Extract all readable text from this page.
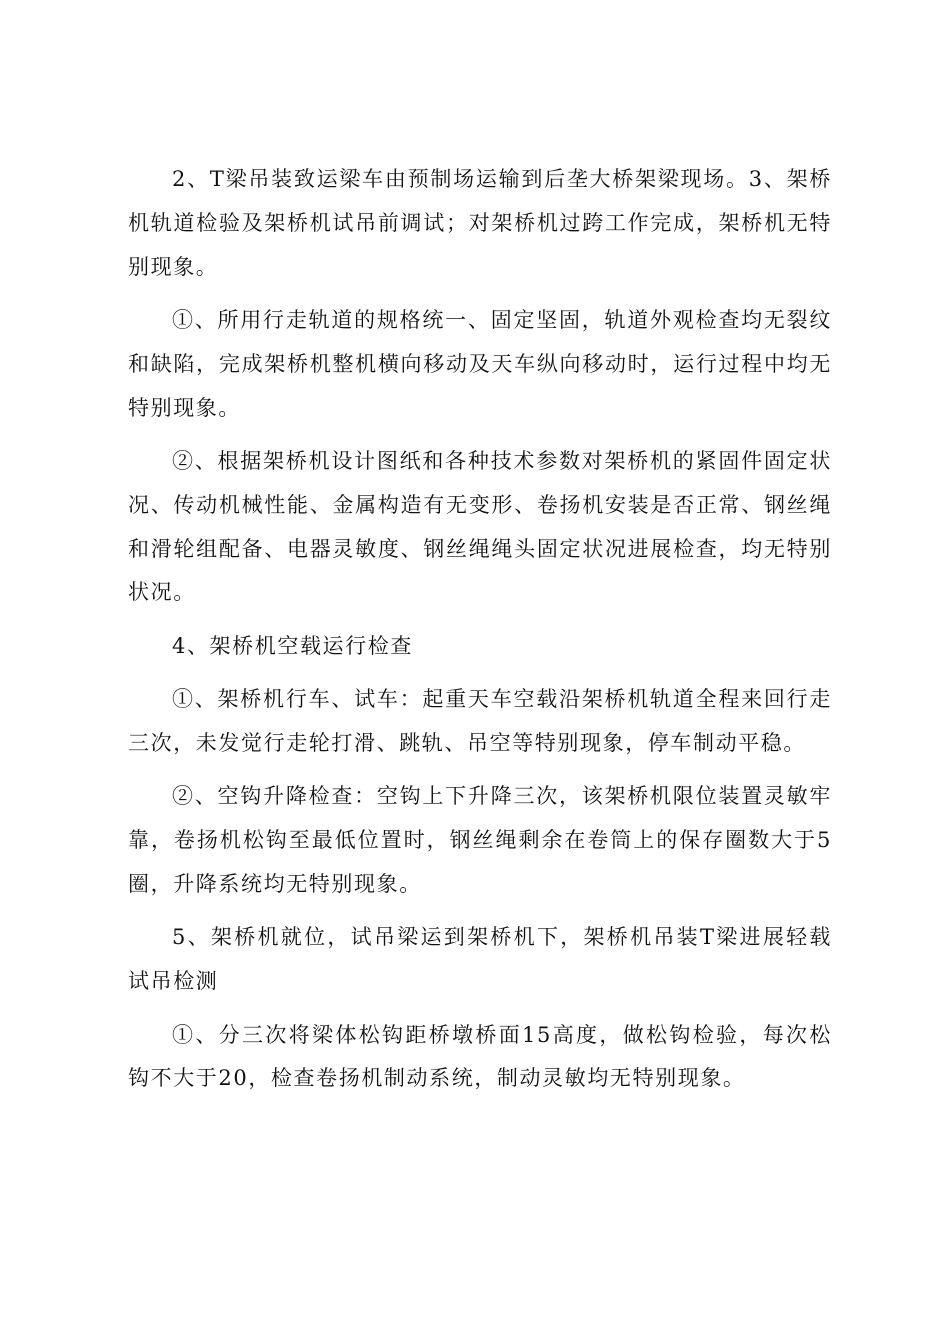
2、T梁吊装致运梁车由预制场运输到后垄大桥架梁现场。3、架桥机轨道检验及架桥机试吊前调试；对架桥机过跨工作完成，架桥机无特别现象。

①、所用行走轨道的规格统一、固定坚固，轨道外观检查均无裂纹和缺陷，完成架桥机整机横向移动及天车纵向移动时，运行过程中均无特别现象。

②、根据架桥机设计图纸和各种技术参数对架桥机的紧固件固定状况、传动机械性能、金属构造有无变形、卷扬机安装是否正常、钢丝绳和滑轮组配备、电器灵敏度、钢丝绳绳头固定状况进展检查，均无特别状况。

4、架桥机空载运行检查

①、架桥机行车、试车：起重天车空载沿架桥机轨道全程来回行走三次，未发觉行走轮打滑、跳轨、吊空等特别现象，停车制动平稳。

②、空钩升降检查：空钩上下升降三次，该架桥机限位装置灵敏牢靠，卷扬机松钩至最低位置时，钢丝绳剩余在卷筒上的保存圈数大于5圈，升降系统均无特别现象。

5、架桥机就位，试吊梁运到架桥机下，架桥机吊装T梁进展轻载试吊检测

①、分三次将梁体松钩距桥墩桥面15高度，做松钩检验，每次松钩不大于20，检查卷扬机制动系统，制动灵敏均无特别现象。
